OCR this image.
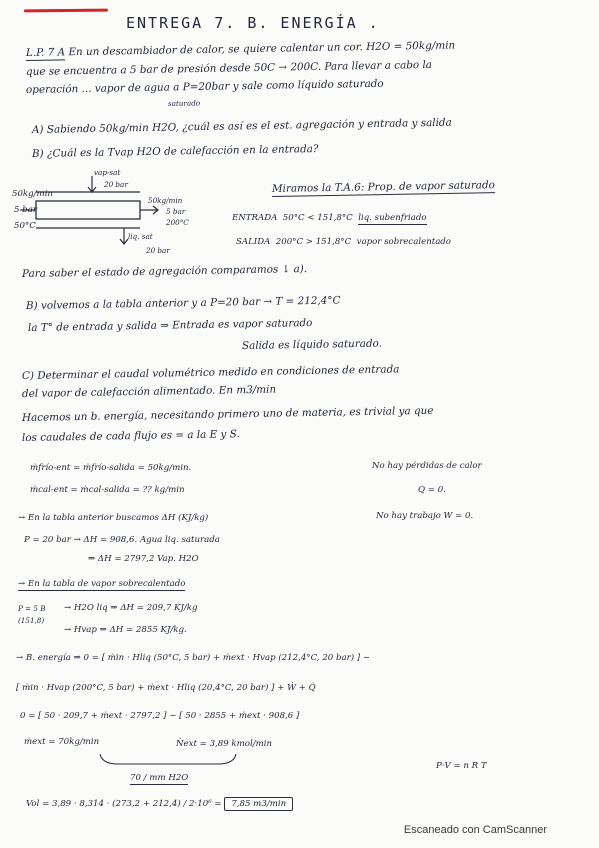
ENTREGA 7. B. ENERGÍA .
L.P. 7 A En un descambiador de calor, se quiere calentar un cor. H2O = 50kg/min
que se encuentra a 5 bar de presión desde 50C → 200C. Para llevar a cabo la
operación ... vapor de agua a P=20bar y sale como líquido saturado
saturado
A) Sabiendo 50kg/min H2O, ¿cuál es así es el est. agregación y entrada y salida
B) ¿Cuál es la Tvap H2O de calefacción en la entrada?
50kg/min
5 bar
50°C
vap-sat
20 bar
50kg/min
5 bar
200°C
liq. sat
20 bar
Miramos la T.A.6: Prop. de vapor saturado
ENTRADA 50°C < 151,8°C liq. subenfriado
SALIDA 200°C > 151,8°C vapor sobrecalentado
Para saber el estado de agregación comparamos ↓ a).
B) volvemos a la tabla anterior y a P=20 bar → T = 212,4°C
la T° de entrada y salida ⇒ Entrada es vapor saturado
Salida es líquido saturado.
C) Determinar el caudal volumétrico medido en condiciones de entrada
del vapor de calefacción alimentado. En m3/min
Hacemos un b. energía, necesitando primero uno de materia, es trivial ya que
los caudales de cada flujo es = a la E y S.
ṁfrío-ent = ṁfrío-salida = 50kg/min.
ṁcal-ent = ṁcal-salida = ?? kg/min
No hay pérdidas de calor
Q = 0.
No hay trabajo W = 0.
→ En la tabla anterior buscamos ΔH (KJ/kg)
P = 20 bar → ΔH = 908,6. Agua liq. saturada
⇒ ΔH = 2797,2 Vap. H2O
→ En la tabla de vapor sobrecalentado
P = 5 B
(151,8)
→ H2O liq ⇒ ΔH = 209,7 KJ/kg
→ Hvap ⇒ ΔH = 2855 KJ/kg.
→ B. energía ⇒ 0 = [ ṁin · Hliq (50°C, 5 bar) + ṁext · Hvap (212,4°C, 20 bar) ] −
[ ṁin · Hvap (200°C, 5 bar) + ṁext · Hliq (20,4°C, 20 bar) ] + Ẇ + Q̇
0 = [ 50 · 209,7 + ṁext · 2797,2 ] − [ 50 · 2855 + ṁext · 908,6 ]
ṁext = 70kg/min	Ṅext = 3,89 kmol/min
70 / mm H2O
P·V = n R T
Vol = 3,89 · 8,314 · (273,2 + 212,4) / 2·10⁶ = 7,85 m3/min
Escaneado con CamScanner
